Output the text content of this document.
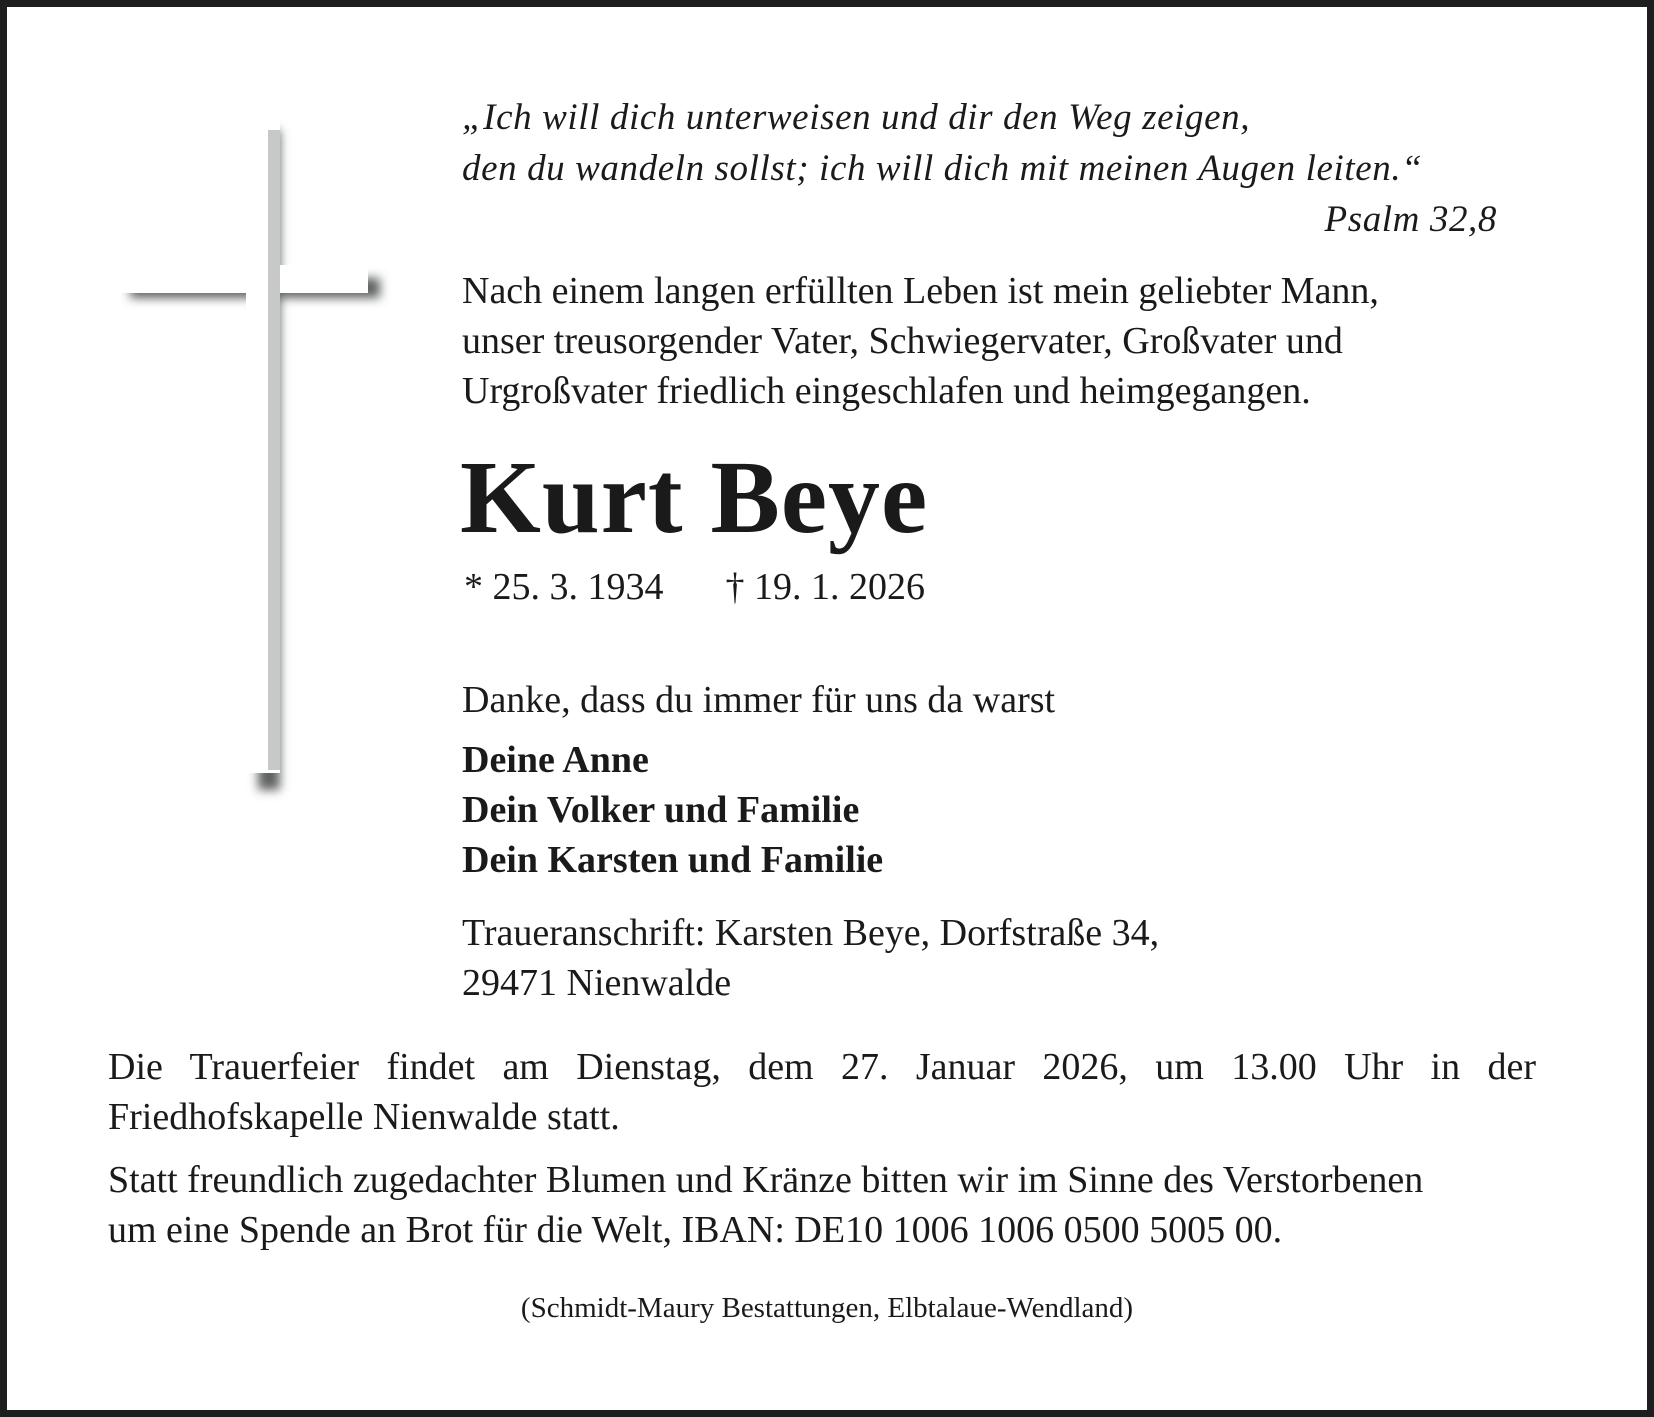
„Ich will dich unterweisen und dir den Weg zeigen,
den du wandeln sollst; ich will dich mit meinen Augen leiten.“
Psalm 32,8
Nach einem langen erfüllten Leben ist mein geliebter Mann,
unser treusorgender Vater, Schwiegervater, Großvater und
Urgroßvater friedlich eingeschlafen und heimgegangen.
Kurt Beye
* 25. 3. 1934 † 19. 1. 2026
Danke, dass du immer für uns da warst
Deine Anne
Dein Volker und Familie
Dein Karsten und Familie
Traueranschrift: Karsten Beye, Dorfstraße 34,
29471 Nienwalde
Die Trauerfeier findet am Dienstag, dem 27. Januar 2026, um 13.00 Uhr in der Friedhofskapelle Nienwalde statt.
Statt freundlich zugedachter Blumen und Kränze bitten wir im Sinne des Verstorbenen
um eine Spende an Brot für die Welt, IBAN: DE10 1006 1006 0500 5005 00.
(Schmidt-Maury Bestattungen, Elbtalaue-Wendland)
